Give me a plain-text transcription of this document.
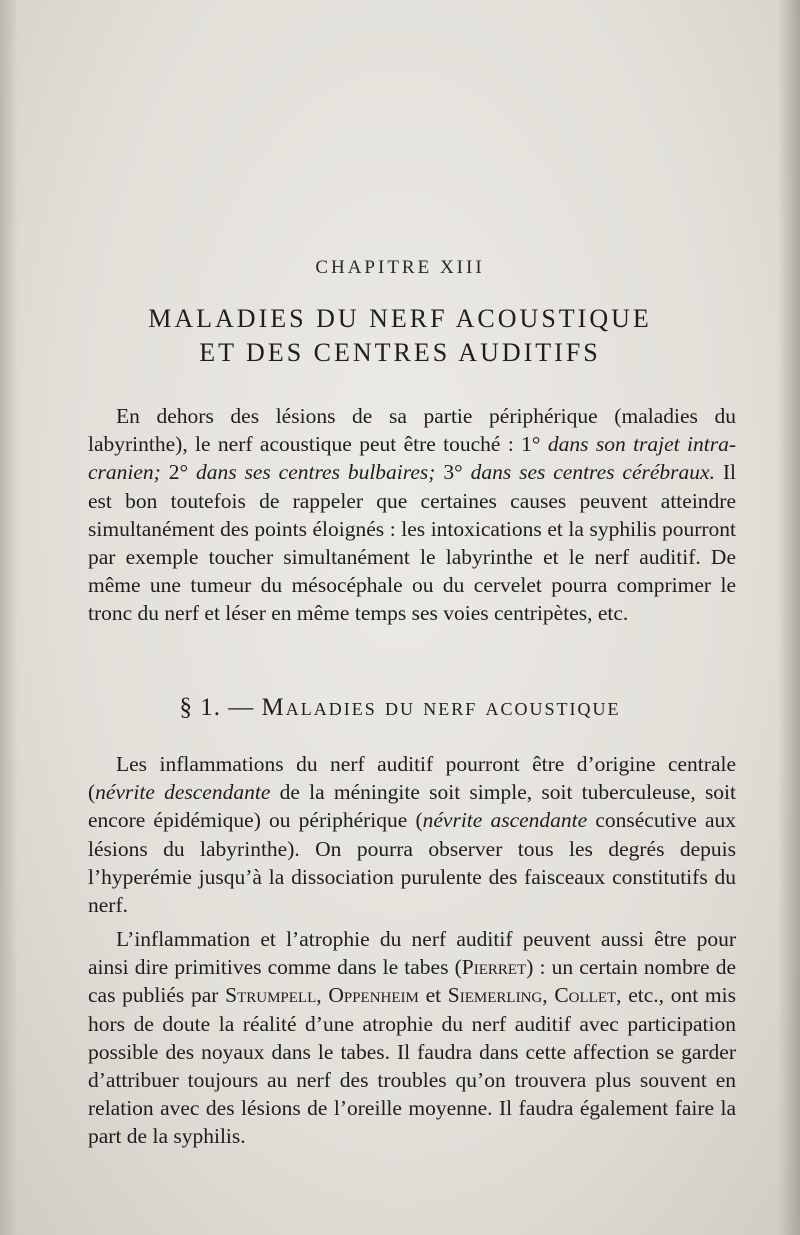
CHAPITRE XIII
MALADIES DU NERF ACOUSTIQUE
ET DES CENTRES AUDITIFS
En dehors des lésions de sa partie périphérique (maladies du labyrinthe), le nerf acoustique peut être touché : 1° dans son trajet intra-cranien; 2° dans ses centres bulbaires; 3° dans ses centres cérébraux. Il est bon toutefois de rappeler que certaines causes peuvent atteindre simultanément des points éloignés : les intoxications et la syphilis pourront par exemple toucher simultanément le labyrinthe et le nerf auditif. De même une tumeur du mésocéphale ou du cervelet pourra comprimer le tronc du nerf et léser en même temps ses voies centripètes, etc.
§ 1. — Maladies du nerf acoustique
Les inflammations du nerf auditif pourront être d’origine centrale (névrite descendante de la méningite soit simple, soit tuberculeuse, soit encore épidémique) ou périphérique (névrite ascendante consécutive aux lésions du labyrinthe). On pourra observer tous les degrés depuis l’hyperémie jusqu’à la dissociation purulente des faisceaux constitutifs du nerf.
L’inflammation et l’atrophie du nerf auditif peuvent aussi être pour ainsi dire primitives comme dans le tabes (Pierret) : un certain nombre de cas publiés par Strumpell, Oppenheim et Siemerling, Collet, etc., ont mis hors de doute la réalité d’une atrophie du nerf auditif avec participation possible des noyaux dans le tabes. Il faudra dans cette affection se garder d’attribuer toujours au nerf des troubles qu’on trouvera plus souvent en relation avec des lésions de l’oreille moyenne. Il faudra également faire la part de la syphilis.
